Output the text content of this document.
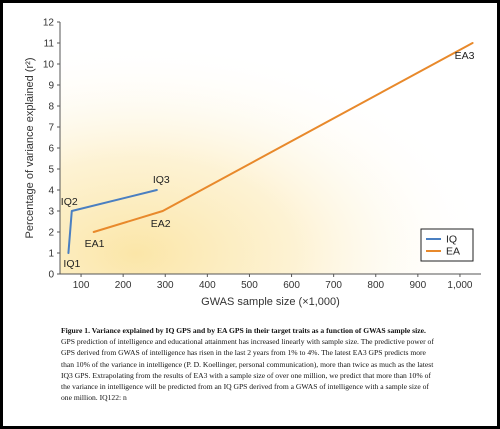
0
1
2
3
4
5
6
7
8
9
10
11
12
100	200	300	400	500	600	700	800	900 1,000
IQ1
IQ2
IQ3
EA1
EA2
EA3
GWAS sample size (×1,000)
Percentage of variance explained (r²)
IQ
EA
Figure 1. Variance explained by IQ GPS and by EA GPS in their target traits as a function of GWAS sample size.
GPS prediction of intelligence and educational attainment has increased linearly with sample size. The predictive power of GPS derived from GWAS of intelligence has risen in the last 2 years from 1% to 4%. The latest EA3 GPS predicts more than 10% of the variance in intelligence (P. D. Koellinger, personal communication), more than twice as much as the latest IQ3 GPS. Extrapolating from the results of EA3 with a sample size of over one million, we predict that more than 10% of the variance in intelligence will be predicted from an IQ GPS derived from a GWAS of intelligence with a sample size of one million. IQ122: n
